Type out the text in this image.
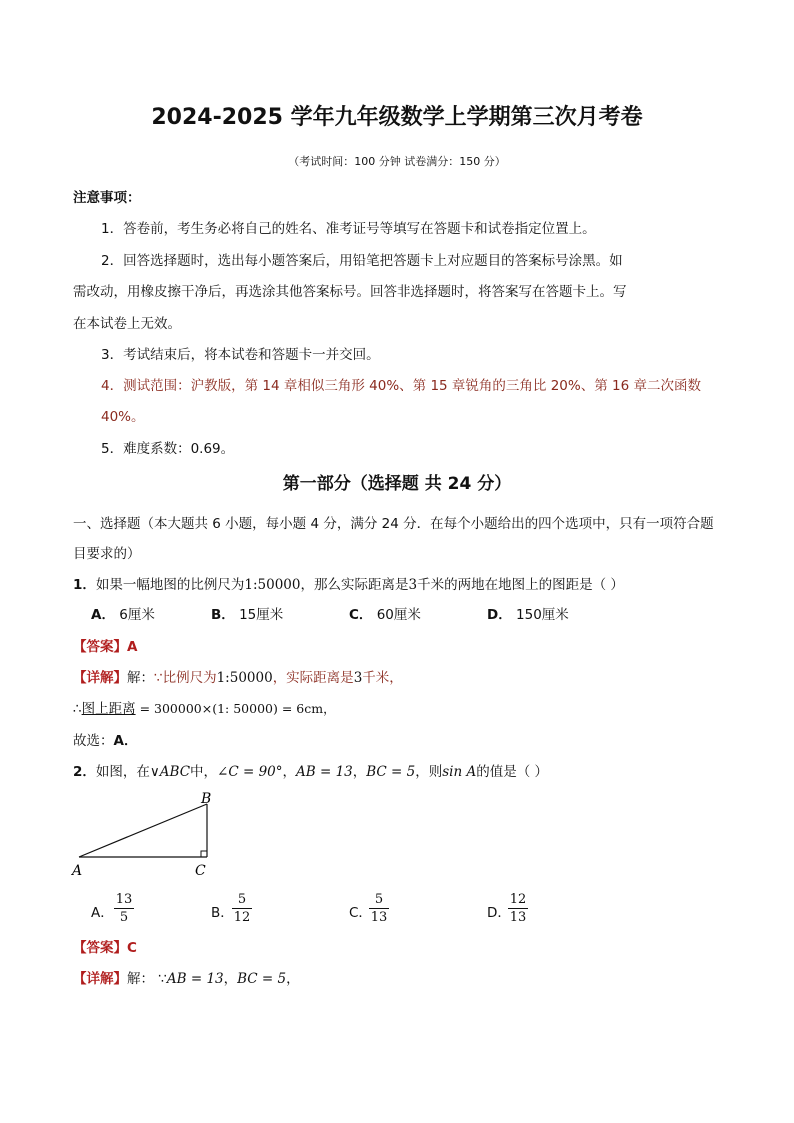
2024-2025 学年九年级数学上学期第三次月考卷
（考试时间：100 分钟 试卷满分：150 分）
注意事项：
1．答卷前，考生务必将自己的姓名、准考证号等填写在答题卡和试卷指定位置上。
2．回答选择题时，选出每小题答案后，用铅笔把答题卡上对应题目的答案标号涂黑。如
需改动，用橡皮擦干净后，再选涂其他答案标号。回答非选择题时，将答案写在答题卡上。写
在本试卷上无效。
3．考试结束后，将本试卷和答题卡一并交回。
4．测试范围：沪教版，第 14 章相似三角形 40%、第 15 章锐角的三角比 20%、第 16 章二次函数
40%。
5．难度系数：0.69。
第一部分（选择题 共 24 分）
一、选择题（本大题共 6 小题，每小题 4 分，满分 24 分．在每个小题给出的四个选项中，只有一项符合题
目要求的）
1．如果一幅地图的比例尺为1:50000，那么实际距离是3千米的两地在地图上的图距是（ ）
A． 6厘米	B． 15厘米	C． 60厘米	D． 150厘米
【答案】A
【详解】解：∵比例尺为1:50000，实际距离是3千米，
∴图上距离 = 300000×(1: 50000) = 6cm，
故选：A．
2．如图，在∨ABC中，∠C = 90°，AB = 13，BC = 5，则sin A的值是（ ）
A
B
C
A．
13
5	B．
5
12	C．
5
13	D．
12
13
【答案】C
【详解】解： ∵AB = 13，BC = 5，
